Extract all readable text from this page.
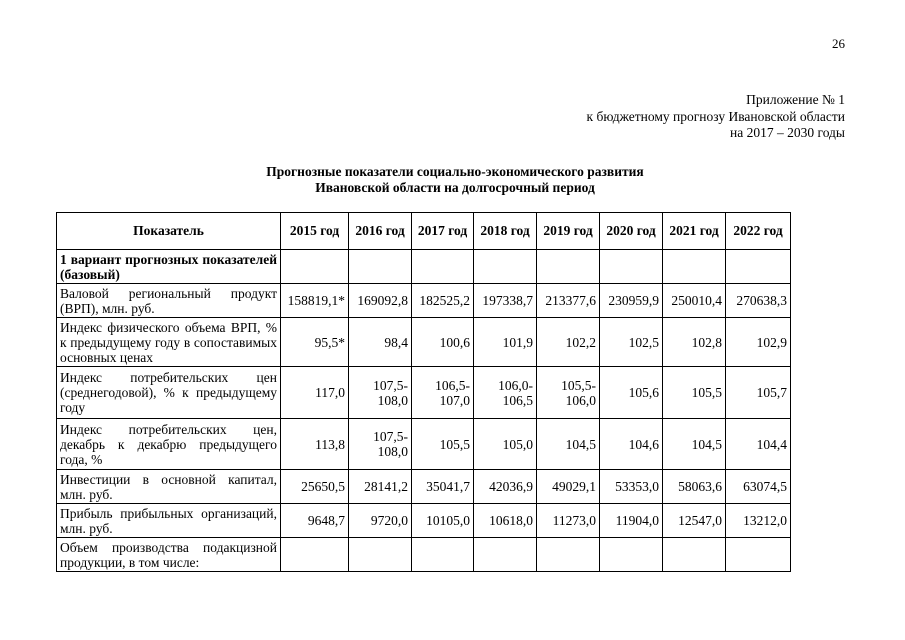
26
Приложение № 1
к бюджетному прогнозу Ивановской области
на 2017 – 2030 годы
Прогнозные показатели социально-экономического развития
Ивановской области на долгосрочный период
Показатель	2015 год	2016 год	2017 год	2018 год	2019 год	2020 год	2021 год	2022 год
1 вариант прогнозных показателей (базовый)								
Валовой региональный продукт (ВРП), млн. руб.	158819,1*	169092,8	182525,2	197338,7	213377,6	230959,9	250010,4	270638,3
Индекс физического объема ВРП, % к предыдущему году в сопоставимых основных ценах	95,5*	98,4	100,6	101,9	102,2	102,5	102,8	102,9
Индекс потребительских цен (среднегодовой), % к предыдущему году	117,0	107,5-108,0	106,5-107,0	106,0-106,5	105,5-106,0	105,6	105,5	105,7
Индекс потребительских цен, декабрь к декабрю предыдущего года, %	113,8	107,5-108,0	105,5	105,0	104,5	104,6	104,5	104,4
Инвестиции в основной капитал, млн. руб.	25650,5	28141,2	35041,7	42036,9	49029,1	53353,0	58063,6	63074,5
Прибыль прибыльных организаций, млн. руб.	9648,7	9720,0	10105,0	10618,0	11273,0	11904,0	12547,0	13212,0
Объем производства подакцизной продукции, в том числе:								
